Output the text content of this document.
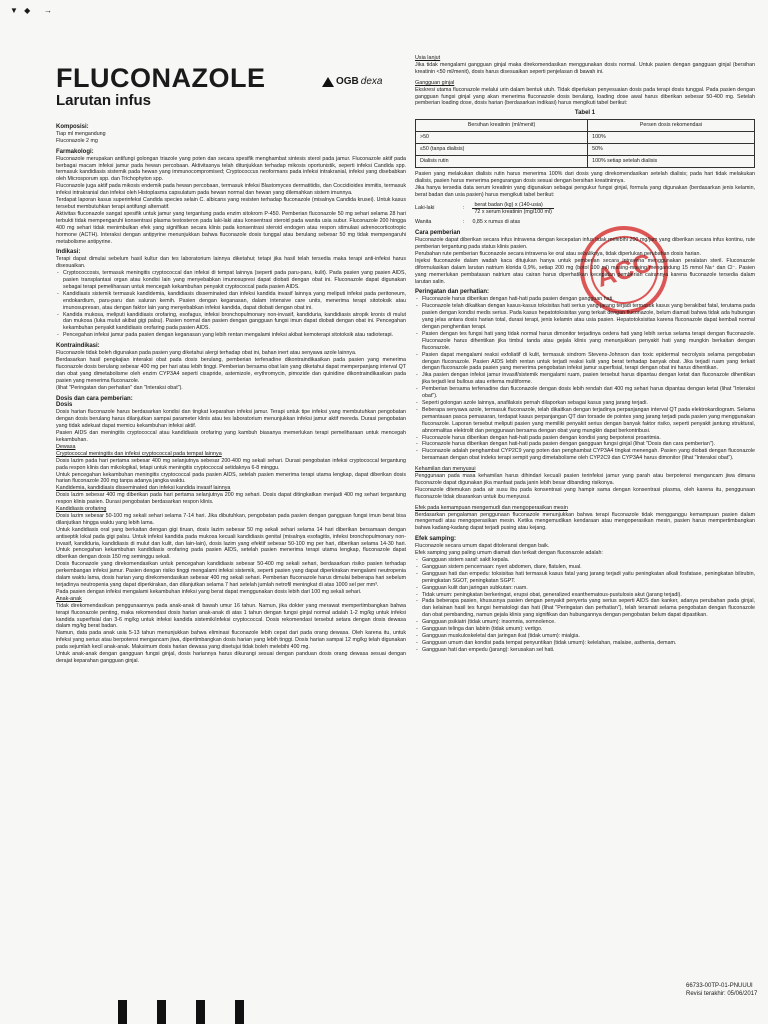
▼ ◆ →
OGB dexa
ACC
FLUCONAZOLE
Larutan infus

Komposisi:

Tiap ml mengandung

Fluconazole 2 mg

Farmakologi:

Fluconazole merupakan antifungi golongan triazole yang poten dan secara spesifik menghambat sintesis sterol pada jamur. Fluconazole aktif pada berbagai macam infeksi jamur pada hewan percobaan. Aktivitasnya telah ditunjukkan terhadap mikosis oportunistik, seperti infeksi Candida spp. termasuk kandidiasis sistemik pada hewan yang immunocompromised; Cryptococcus neoformans pada infeksi intrakranial, infeksi yang disebabkan oleh Microsporum spp. dan Trichophyton spp.

Fluconazole juga aktif pada mikosis endemik pada hewan percobaan, termasuk infeksi Blastomyces dermatitidis, dan Coccidioides immitis, termasuk infeksi intrakranial dan infeksi oleh Histoplasma capsulatum pada hewan normal dan hewan yang dilemahkan sistem imunnya.

Terdapat laporan kasus superinfeksi Candida species selain C. albicans yang resisten terhadap fluconazole (misalnya Candida krusei). Untuk kasus tersebut membutuhkan terapi antifungi alternatif.

Aktivitas fluconazole sangat spesifik untuk jamur yang tergantung pada enzim sitokrom P-450. Pemberian fluconazole 50 mg sehari selama 28 hari terbukti tidak mempengaruhi konsentrasi plasma testosteron pada laki-laki atau konsentrasi steroid pada wanita usia subur. Fluconazole 200 hingga 400 mg sehari tidak menimbulkan efek yang signifikan secara klinis pada konsentrasi steroid endogen atau respon stimulasi adrenocorticotropic hormone (ACTH). Interaksi dengan antipyrine menunjukkan bahwa fluconazole dosis tunggal atau berulang sebesar 50 mg tidak mempengaruhi metabolisme antipyrine.

Indikasi:

Terapi dapat dimulai sebelum hasil kultur dan tes laboratorium lainnya diketahui; tetapi jika hasil telah tersedia maka terapi anti-infeksi harus disesuaikan.

- Cryptococcosis, termasuk meningitis cryptococcal dan infeksi di tempat lainnya (seperti pada paru-paru, kulit). Pada pasien yang pasien AIDS, pasien transplantasi organ atau kondisi lain yang menyebabkan imunosupresi dapat diobati dengan obat ini. Fluconazole dapat digunakan sebagai terapi pemeliharaan untuk mencegah kekambuhan penyakit cryptococcal pada pasien AIDS.
- Kandidiasis sistemik termasuk kandidemia, kandidiasis disseminated dan infeksi kandida invasif lainnya yang meliputi infeksi pada peritoneum, endokardium, paru-paru dan saluran kemih. Pasien dengan keganasan, dalam intensive care units, menerima terapi sitotoksik atau imunosupresan, atau dengan faktor lain yang menyebabkan infeksi kandida, dapat diobati dengan obat ini.
- Kandida mukosa, meliputi kandidiasis orofaring, esofagus, infeksi bronchopulmonary non-invasif, kandiduria, kandidiasis atropik kronis di mulut dan mukosa (luka mulut akibat gigi palsu). Pasien normal dan pasien dengan gangguan fungsi imun dapat diobati dengan obat ini. Pencegahan kekambuhan penyakit kandidiasis orofaring pada pasien AIDS.
- Pencegahan infeksi jamur pada pasien dengan keganasan yang lebih rentan mengalami infeksi akibat kemoterapi sitotoksik atau radioterapi.

Kontraindikasi:

Fluconazole tidak boleh digunakan pada pasien yang diketahui alergi terhadap obat ini, bahan inert atau senyawa azole lainnya.

Berdasarkan hasil pengkajian interaksi obat pada dosis berulang, pemberian terfenadine dikontraindikasikan pada pasien yang menerima fluconazole dosis berulang sebesar 400 mg per hari atau lebih tinggi. Pemberian bersama obat lain yang diketahui dapat memperpanjang interval QT dan obat yang dimetabolisme oleh enzim CYP3A4 seperti cisapride, astemizole, erythromycin, pimozide dan quinidine dikontraindikasikan pada pasien yang menerima fluconazole.

(lihat "Peringatan dan perhatian" dan "Interaksi obat").

Dosis dan cara pemberian:

Dosis

Dosis harian fluconazole harus berdasarkan kondisi dan tingkat keparahan infeksi jamur. Terapi untuk tipe infeksi yang membutuhkan pengobatan dengan dosis berulang harus dilanjutkan sampai parameter klinis atau tes laboratorium menunjukkan infeksi jamur aktif mereda. Durasi pengobatan yang tidak adekuat dapat memicu kekambuhan infeksi aktif.

Pasien AIDS dan meningitis cryptococcal atau kandidiasis orofaring yang kambuh biasanya memerlukan terapi pemeliharaan untuk mencegah kekambuhan.

Dewasa

Cryptococcal meningitis dan infeksi cryptococcal pada tempat lainnya

Dosis lazim pada hari pertama sebesar 400 mg selanjutnya sebesar 200-400 mg sekali sehari. Durasi pengobatan infeksi cryptococcal tergantung pada respon klinis dan mikologikal, tetapi untuk meningitis cryptococcal setidaknya 6-8 minggu.

Untuk pencegahan kekambuhan meningitis cryptococcal pada pasien AIDS, setelah pasien menerima terapi utama lengkap, dapat diberikan dosis harian fluconazole 200 mg tanpa adanya jangka waktu.

Kandidemia, kandidiasis disseminated dan infeksi kandida invasif lainnya

Dosis lazim sebesar 400 mg diberikan pada hari pertama selanjutnya 200 mg sehari. Dosis dapat ditingkatkan menjadi 400 mg sehari tergantung respon klinis pasien. Durasi pengobatan berdasarkan respon klinis.

Kandidiasis orofaring

Dosis lazim sebesar 50-100 mg sekali sehari selama 7-14 hari. Jika dibutuhkan, pengobatan pada pasien dengan gangguan fungsi imun berat bisa dilanjutkan hingga waktu yang lebih lama.

Untuk kandidiasis oral yang berkaitan dengan gigi tiruan, dosis lazim sebesar 50 mg sekali sehari selama 14 hari diberikan bersamaan dengan antiseptik lokal pada gigi palsu. Untuk infeksi kandida pada mukosa kecuali kandidiasis genital (misalnya esofagitis, infeksi bronchopulmonary non-invasif, kandiduria, kandidiasis di mulut dan kulit, dan lain-lain), dosis lazim yang efektif sebesar 50-100 mg per hari, diberikan selama 14-30 hari. Untuk pencegahan kekambuhan kandidiasis orofaring pada pasien AIDS, setelah pasien menerima terapi utama lengkap, fluconazole dapat diberikan dengan dosis 150 mg seminggu sekali.

Dosis fluconazole yang direkomendasikan untuk pencegahan kandidiasis sebesar 50-400 mg sekali sehari, berdasarkan risiko pasien terhadap perkembangan infeksi jamur. Pasien dengan risiko tinggi mengalami infeksi sistemik, seperti pasien yang dapat diperkirakan mengalami neutropenia dalam waktu lama, dosis harian yang direkomendasikan sebesar 400 mg sekali sehari. Pemberian fluconazole harus dimulai beberapa hari sebelum terjadinya neutropenia yang dapat diperkirakan, dan dilanjutkan selama 7 hari setelah jumlah netrofil meningkat di atas 1000 sel per mm³.

Pada pasien dengan infeksi mengalami kekambuhan infeksi yang berat dapat menggunakan dosis lebih dari 100 mg sekali sehari.

Anak-anak

Tidak direkomendasikan penggunaannya pada anak-anak di bawah umur 16 tahun. Namun, jika dokter yang merawat mempertimbangkan bahwa terapi fluconazole penting, maka rekomendasi dosis harian anak-anak di atas 1 tahun dengan fungsi ginjal normal adalah 1-2 mg/kg untuk infeksi kandida superfisial dan 3-6 mg/kg untuk infeksi kandida sistemik/infeksi cryptococcal. Dosis rekomendasi tersebut setara dengan dosis dewasa dalam mg/kg berat badan.

Namun, data pada anak usia 5-13 tahun menunjukkan bahwa eliminasi fluconazole lebih cepat dari pada orang dewasa. Oleh karena itu, untuk infeksi yang serius atau berpotensi mengancam jiwa, dipertimbangkan dosis harian yang lebih tinggi. Dosis harian sampai 12 mg/kg telah digunakan pada sejumlah kecil anak-anak. Maksimum dosis harian dewasa yang disetujui tidak boleh melebihi 400 mg.

Untuk anak-anak dengan gangguan fungsi ginjal, dosis hariannya harus dikurangi sesuai dengan panduan dosis orang dewasa sesuai dengan derajat keparahan gangguan ginjal.

Usia lanjut

Jika tidak mengalami gangguan ginjal maka direkomendasikan menggunakan dosis normal. Untuk pasien dengan gangguan ginjal (bersihan kreatinin <50 ml/menit), dosis harus disesuaikan seperti penjelasan di bawah ini.

Gangguan ginjal

Ekskresi utama fluconazole melalui urin dalam bentuk utuh. Tidak diperlukan penyesuaian dosis pada terapi dosis tunggal. Pada pasien dengan gangguan fungsi ginjal yang akan menerima fluconazole dosis berulang, loading dose awal harus diberikan sebesar 50-400 mg. Setelah pemberian loading dose, dosis harian (berdasarkan indikasi) harus mengikuti tabel berikut:

Tabel 1

Bersihan kreatinin (ml/menit)	Persen dosis rekomendasi
>50	100%
≤50 (tanpa dialisis)	50%
Dialisis rutin	100% setiap setelah dialisis

Pasien yang melakukan dialisis rutin harus menerima 100% dari dosis yang direkomendasikan setelah dialisis; pada hari tidak melakukan dialisis, pasien harus menerima pengurangan dosis sesuai dengan bersihan kreatininnya.

Jika hanya tersedia data serum kreatinin yang digunakan sebagai pengukur fungsi ginjal, formula yang digunakan (berdasarkan jenis kelamin, berat badan dan usia pasien) harus mengikuti tabel berikut:

Laki-laki	: $\frac{\text{berat badan (kg) x (140-usia)}}{\text{72 x serum kreatinin (mg/100 ml)}}$
Wanita	: 0,85 x rumus di atas

Cara pemberian

Fluconazole dapat diberikan secara infus intravena dengan kecepatan infus tidak melebihi 200 mg/jam yang diberikan secara infus kontinu, rute pemberian tergantung pada status klinis pasien.

Perubahan rute pemberian fluconazole secara intravena ke oral atau sebaliknya, tidak diperlukan perubahan dosis harian.

Injeksi fluconazole dalam wadah kaca ditujukan hanya untuk pemberian secara intravena menggunakan peralatan steril. Fluconazole diformulasikan dalam larutan natrium klorida 0,9%, setiap 200 mg (botol 100 ml) masing-masing mengandung 15 mmol Na⁺ dan Cl⁻. Pasien yang memerlukan pembatasan natrium atau cairan harus diperhatikan kecepatan pemberian cairannya karena fluconazole tersedia dalam larutan salin.

Peringatan dan perhatian:

- Fluconazole harus diberikan dengan hati-hati pada pasien dengan gangguan hati.
- Fluconazole telah dikaitkan dengan kasus-kasus toksisitas hati serius yang jarang terjadi termasuk kasus yang berakibat fatal, terutama pada pasien dengan kondisi medis serius. Pada kasus hepatotoksisitas yang terkait dengan fluconazole, belum diamati bahwa tidak ada hubungan yang jelas antara dosis harian total, durasi terapi, jenis kelamin atau usia pasien. Hepatotoksisitas karena fluconazole dapat kembali normal dengan penghentian terapi.
- Pasien dengan tes fungsi hati yang tidak normal harus dimonitor terjadinya cedera hati yang lebih serius selama terapi dengan fluconazole. Fluconazole harus dihentikan jika timbul tanda atau gejala klinis yang menunjukkan penyakit hati yang mungkin berkaitan dengan fluconazole.
- Pasien dapat mengalami reaksi exfoliatif di kulit, termasuk sindrom Stevens-Johnson dan toxic epidermal necrolysis selama pengobatan dengan fluconazole. Pasien AIDS lebih rentan untuk terjadi reaksi kulit yang berat terhadap banyak obat. Jika terjadi ruam yang terkait dengan fluconazole pada pasien yang menerima pengobatan infeksi jamur superfisial, terapi dengan obat ini harus dihentikan.
- Jika pasien dengan infeksi jamur invasif/sistemik mengalami ruam, pasien tersebut harus dipantau dengan ketat dan fluconazole dihentikan jika terjadi lesi bullous atau eritema multiforme.
- Pemberian bersama terfenadine dan fluconazole dengan dosis lebih rendah dari 400 mg sehari harus dipantau dengan ketat (lihat "Interaksi obat").
- Seperti golongan azole lainnya, anafilaksis pernah dilaporkan sebagai kasus yang jarang terjadi.
- Beberapa senyawa azole, termasuk fluconazole, telah dikaitkan dengan terjadinya perpanjangan interval QT pada elektrokardiogram. Selama pemantauan pasca pemasaran, terdapat kasus perpanjangan QT dan torsade de pointes yang jarang terjadi pada pasien yang menggunakan fluconazole. Laporan tersebut meliputi pasien yang memiliki penyakit serius dengan banyak faktor risiko, seperti penyakit jantung struktural, abnormalitas elektrolit dan penggunaan bersama dengan obat yang mungkin dapat berkontribusi.
- Fluconazole harus diberikan dengan hati-hati pada pasien dengan kondisi yang berpotensi proaritmia.
- Fluconazole harus diberikan dengan hati-hati pada pasien dengan gangguan fungsi ginjal (lihat "Dosis dan cara pemberian").
- Fluconazole adalah penghambat CYP2C9 yang poten dan penghambat CYP3A4 tingkat menengah. Pasien yang diobati dengan fluconazole bersamaan dengan obat indeks terapi sempit yang dimetabolisme oleh CYP2C9 dan CYP3A4 harus dimonitor (lihat "Interaksi obat").

Kehamilan dan menyusui

Penggunaan pada masa kehamilan harus dihindari kecuali pasien terinfeksi jamur yang parah atau berpotensi mengancam jiwa dimana fluconazole dapat digunakan jika manfaat pada janin lebih besar dibanding risikonya.

Fluconazole ditemukan pada air susu ibu pada konsentrasi yang hampir sama dengan konsentrasi plasma, oleh karena itu, penggunaan fluconazole tidak disarankan untuk ibu menyusui.

Efek pada kemampuan mengemudi dan mengoperasikan mesin

Berdasarkan pengalaman penggunaan fluconazole menunjukkan bahwa terapi fluconazole tidak mengganggu kemampuan pasien dalam mengemudi atau mengoperasikan mesin. Ketika mengemudikan kendaraan atau mengoperasikan mesin, pasien harus mempertimbangkan bahwa kadang-kadang dapat terjadi pusing atau kejang.

Efek samping:

Fluconazole secara umum dapat ditoleransi dengan baik.

Efek samping yang paling umum diamati dan terkait dengan fluconazole adalah:

- Gangguan sistem saraf: sakit kepala.
- Gangguan sistem pencernaan: nyeri abdomen, diare, flatulen, mual.
- Gangguan hati dan empedu: toksisitas hati termasuk kasus fatal yang jarang terjadi yaitu peningkatan alkali fosfatase, peningkatan bilirubin, peningkatan SGOT, peningkatan SGPT.
- Gangguan kulit dan jaringan subkutan: ruam.
- Tidak umum: peningkatan berkeringat, erupsi obat, generalized exanthematous-pustulosis akut (jarang terjadi).
- Pada beberapa pasien, khususnya pasien dengan penyakit penyerta yang serius seperti AIDS dan kanker, adanya perubahan pada ginjal, dan kelainan hasil tes fungsi hematologi dan hati (lihat "Peringatan dan perhatian"), telah teramati selama pengobatan dengan fluconazole dan obat pembanding, namun gejala klinis yang signifikan dan hubungannya dengan pengobatan belum dapat dipastikan.
- Gangguan psikiatri (tidak umum): insomnia, somnolence.
- Gangguan telinga dan labirin (tidak umum): vertigo.
- Gangguan muskuloskeletal dan jaringan ikat (tidak umum): mialgia.
- Gangguan umum dan kondisi pada tempat penyuntikan (tidak umum): kelelahan, malaise, asthenia, demam.
- Gangguan hati dan empedu (jarang): kerusakan sel hati.
66733-00TP-01-PNUUUI
Revisi terakhir: 05/06/2017
